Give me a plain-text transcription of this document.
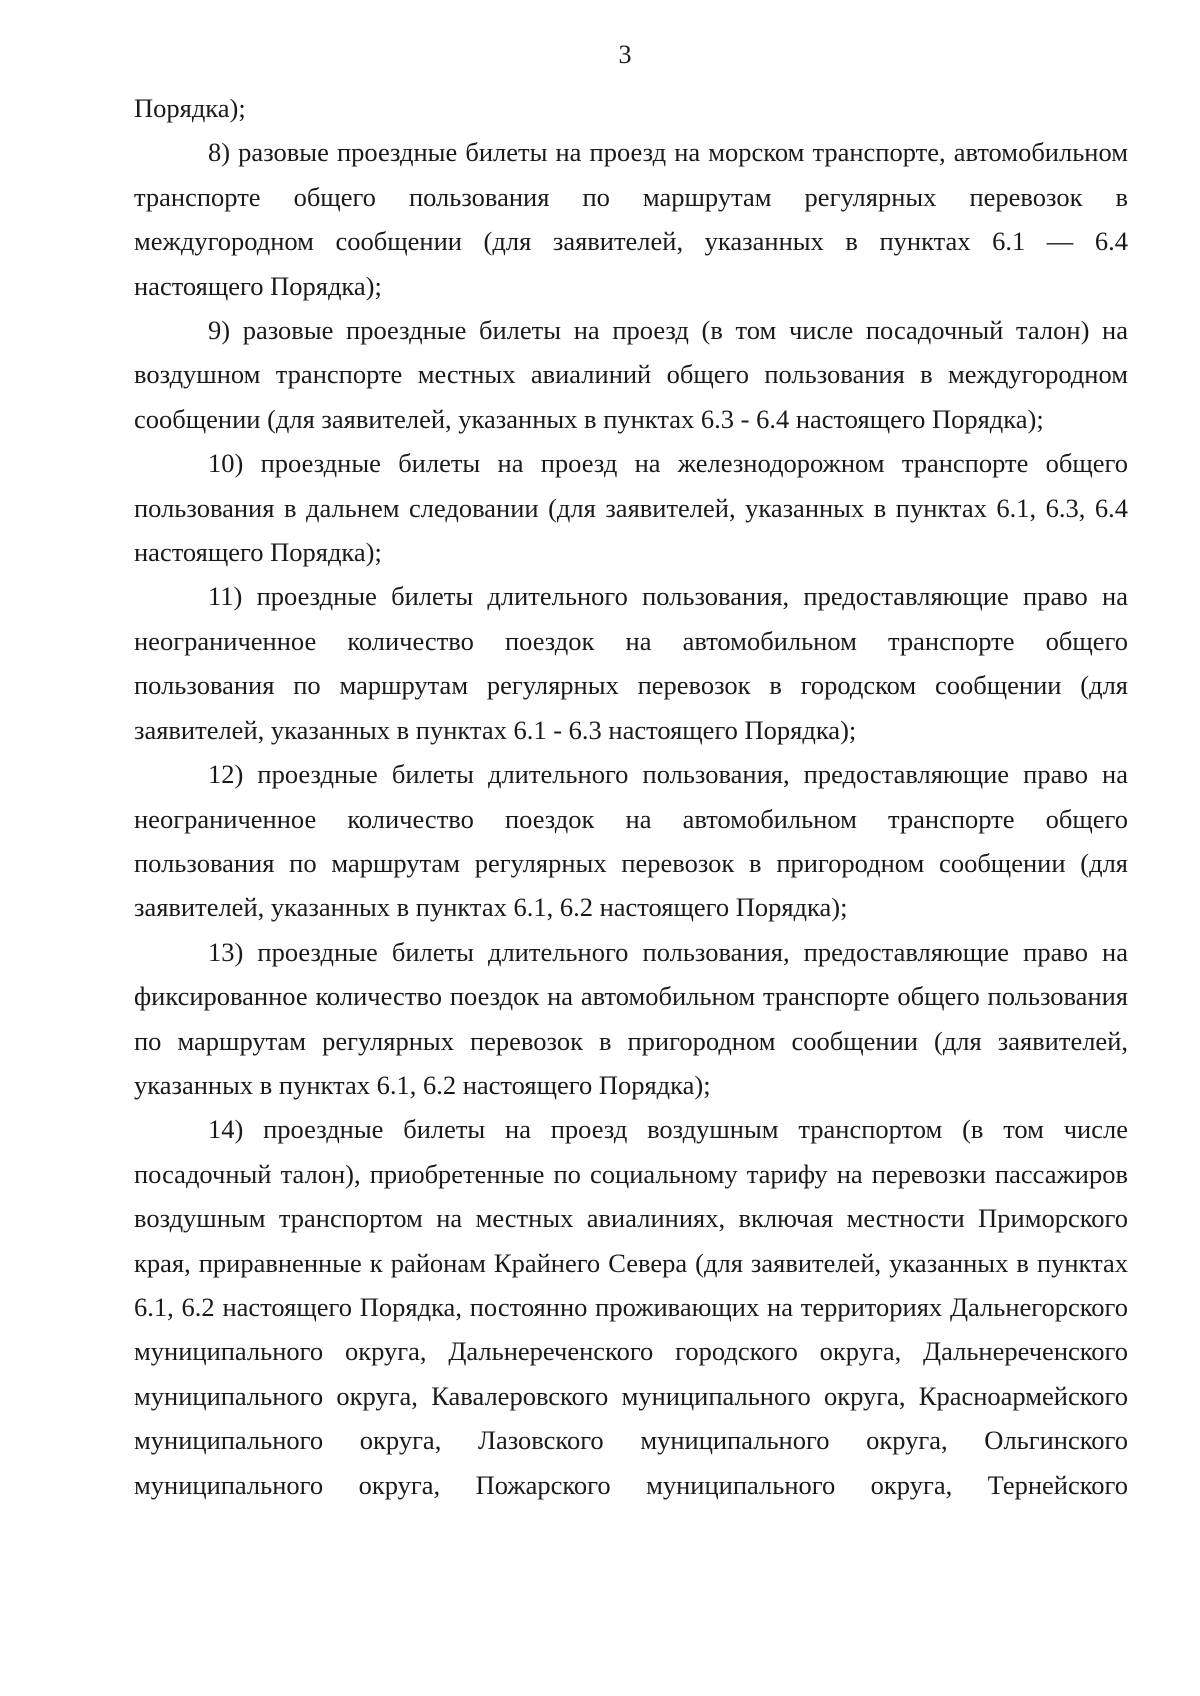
3

Порядка);

8) разовые проездные билеты на проезд на морском транспорте, автомобильном транспорте общего пользования по маршрутам регулярных перевозок в междугородном сообщении (для заявителей, указанных в пунктах 6.1 — 6.4 настоящего Порядка);

9) разовые проездные билеты на проезд (в том числе посадочный талон) на воздушном транспорте местных авиалиний общего пользования в междугородном сообщении (для заявителей, указанных в пунктах 6.3 - 6.4 настоящего Порядка);

10) проездные билеты на проезд на железнодорожном транспорте общего пользования в дальнем следовании (для заявителей, указанных в пунктах 6.1, 6.3, 6.4 настоящего Порядка);

11) проездные билеты длительного пользования, предоставляющие право на неограниченное количество поездок на автомобильном транспорте общего пользования по маршрутам регулярных перевозок в городском сообщении (для заявителей, указанных в пунктах 6.1 - 6.3 настоящего Порядка);

12) проездные билеты длительного пользования, предоставляющие право на неограниченное количество поездок на автомобильном транспорте общего пользования по маршрутам регулярных перевозок в пригородном сообщении (для заявителей, указанных в пунктах 6.1, 6.2 настоящего Порядка);

13) проездные билеты длительного пользования, предоставляющие право на фиксированное количество поездок на автомобильном транспорте общего пользования по маршрутам регулярных перевозок в пригородном сообщении (для заявителей, указанных в пунктах 6.1, 6.2 настоящего Порядка);

14) проездные билеты на проезд воздушным транспортом (в том числе посадочный талон), приобретенные по социальному тарифу на перевозки пассажиров воздушным транспортом на местных авиалиниях, включая местности Приморского края, приравненные к районам Крайнего Севера (для заявителей, указанных в пунктах 6.1, 6.2 настоящего Порядка, постоянно проживающих на территориях Дальнегорского муниципального округа, Дальнереченского городского округа, Дальнереченского муниципального округа, Кавалеровского муниципального округа, Красноармейского муниципального округа, Лазовского муниципального округа, Ольгинского муниципального округа, Пожарского муниципального округа, Тернейского
